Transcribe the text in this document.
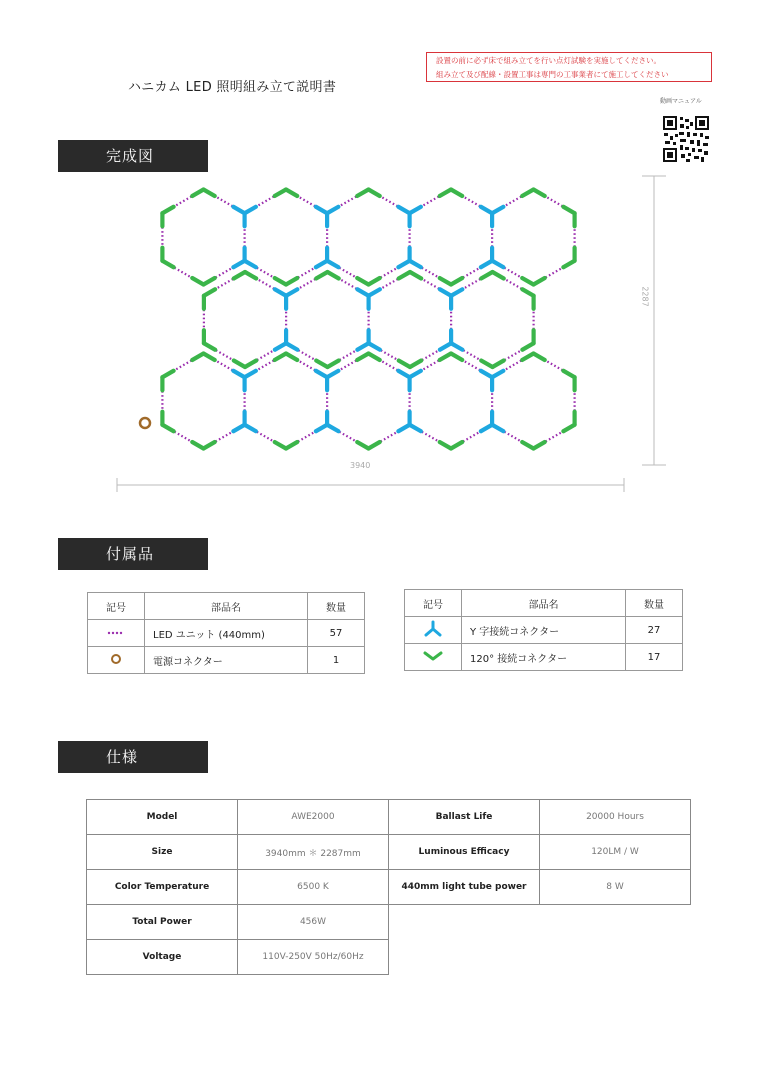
ハニカム LED 照明組み立て説明書
設置の前に必ず床で組み立てを行い点灯試験を実施してください。
組み立て及び配線・設置工事は専門の工事業者にて施工してください
動画マニュアル
完成図
付属品
仕様
3940
2287
記号	部品名	数量
	LED ユニット (440mm)	57
	電源コネクター	1
記号	部品名	数量
	Y 字接続コネクター	27
	120° 接続コネクター	17
Model	AWE2000	Ballast Life	20000 Hours
Size	3940mm ＊ 2287mm	Luminous Efficacy	120LM / W
Color Temperature	6500 K	440mm light tube power	8 W
Total Power	456W		
Voltage	110V-250V 50Hz/60Hz		
